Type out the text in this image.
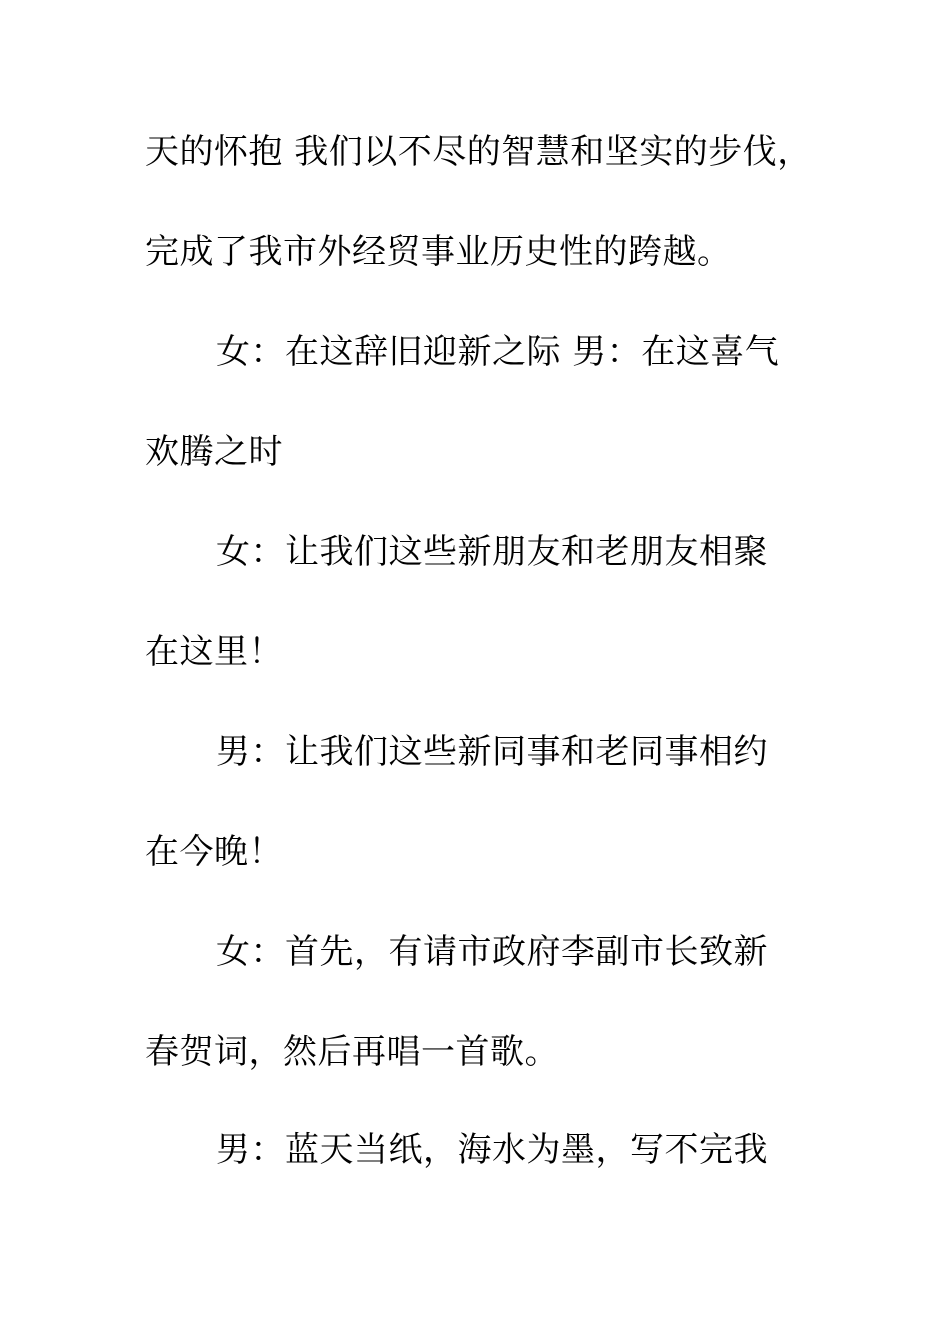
天的怀抱 我们以不尽的智慧和坚实的步伐，
完成了我市外经贸事业历史性的跨越。
女：在这辞旧迎新之际 男：在这喜气
欢腾之时
女：让我们这些新朋友和老朋友相聚
在这里！
男：让我们这些新同事和老同事相约
在今晚！
女：首先，有请市政府李副市长致新
春贺词，然后再唱一首歌。
男：蓝天当纸，海水为墨，写不完我
